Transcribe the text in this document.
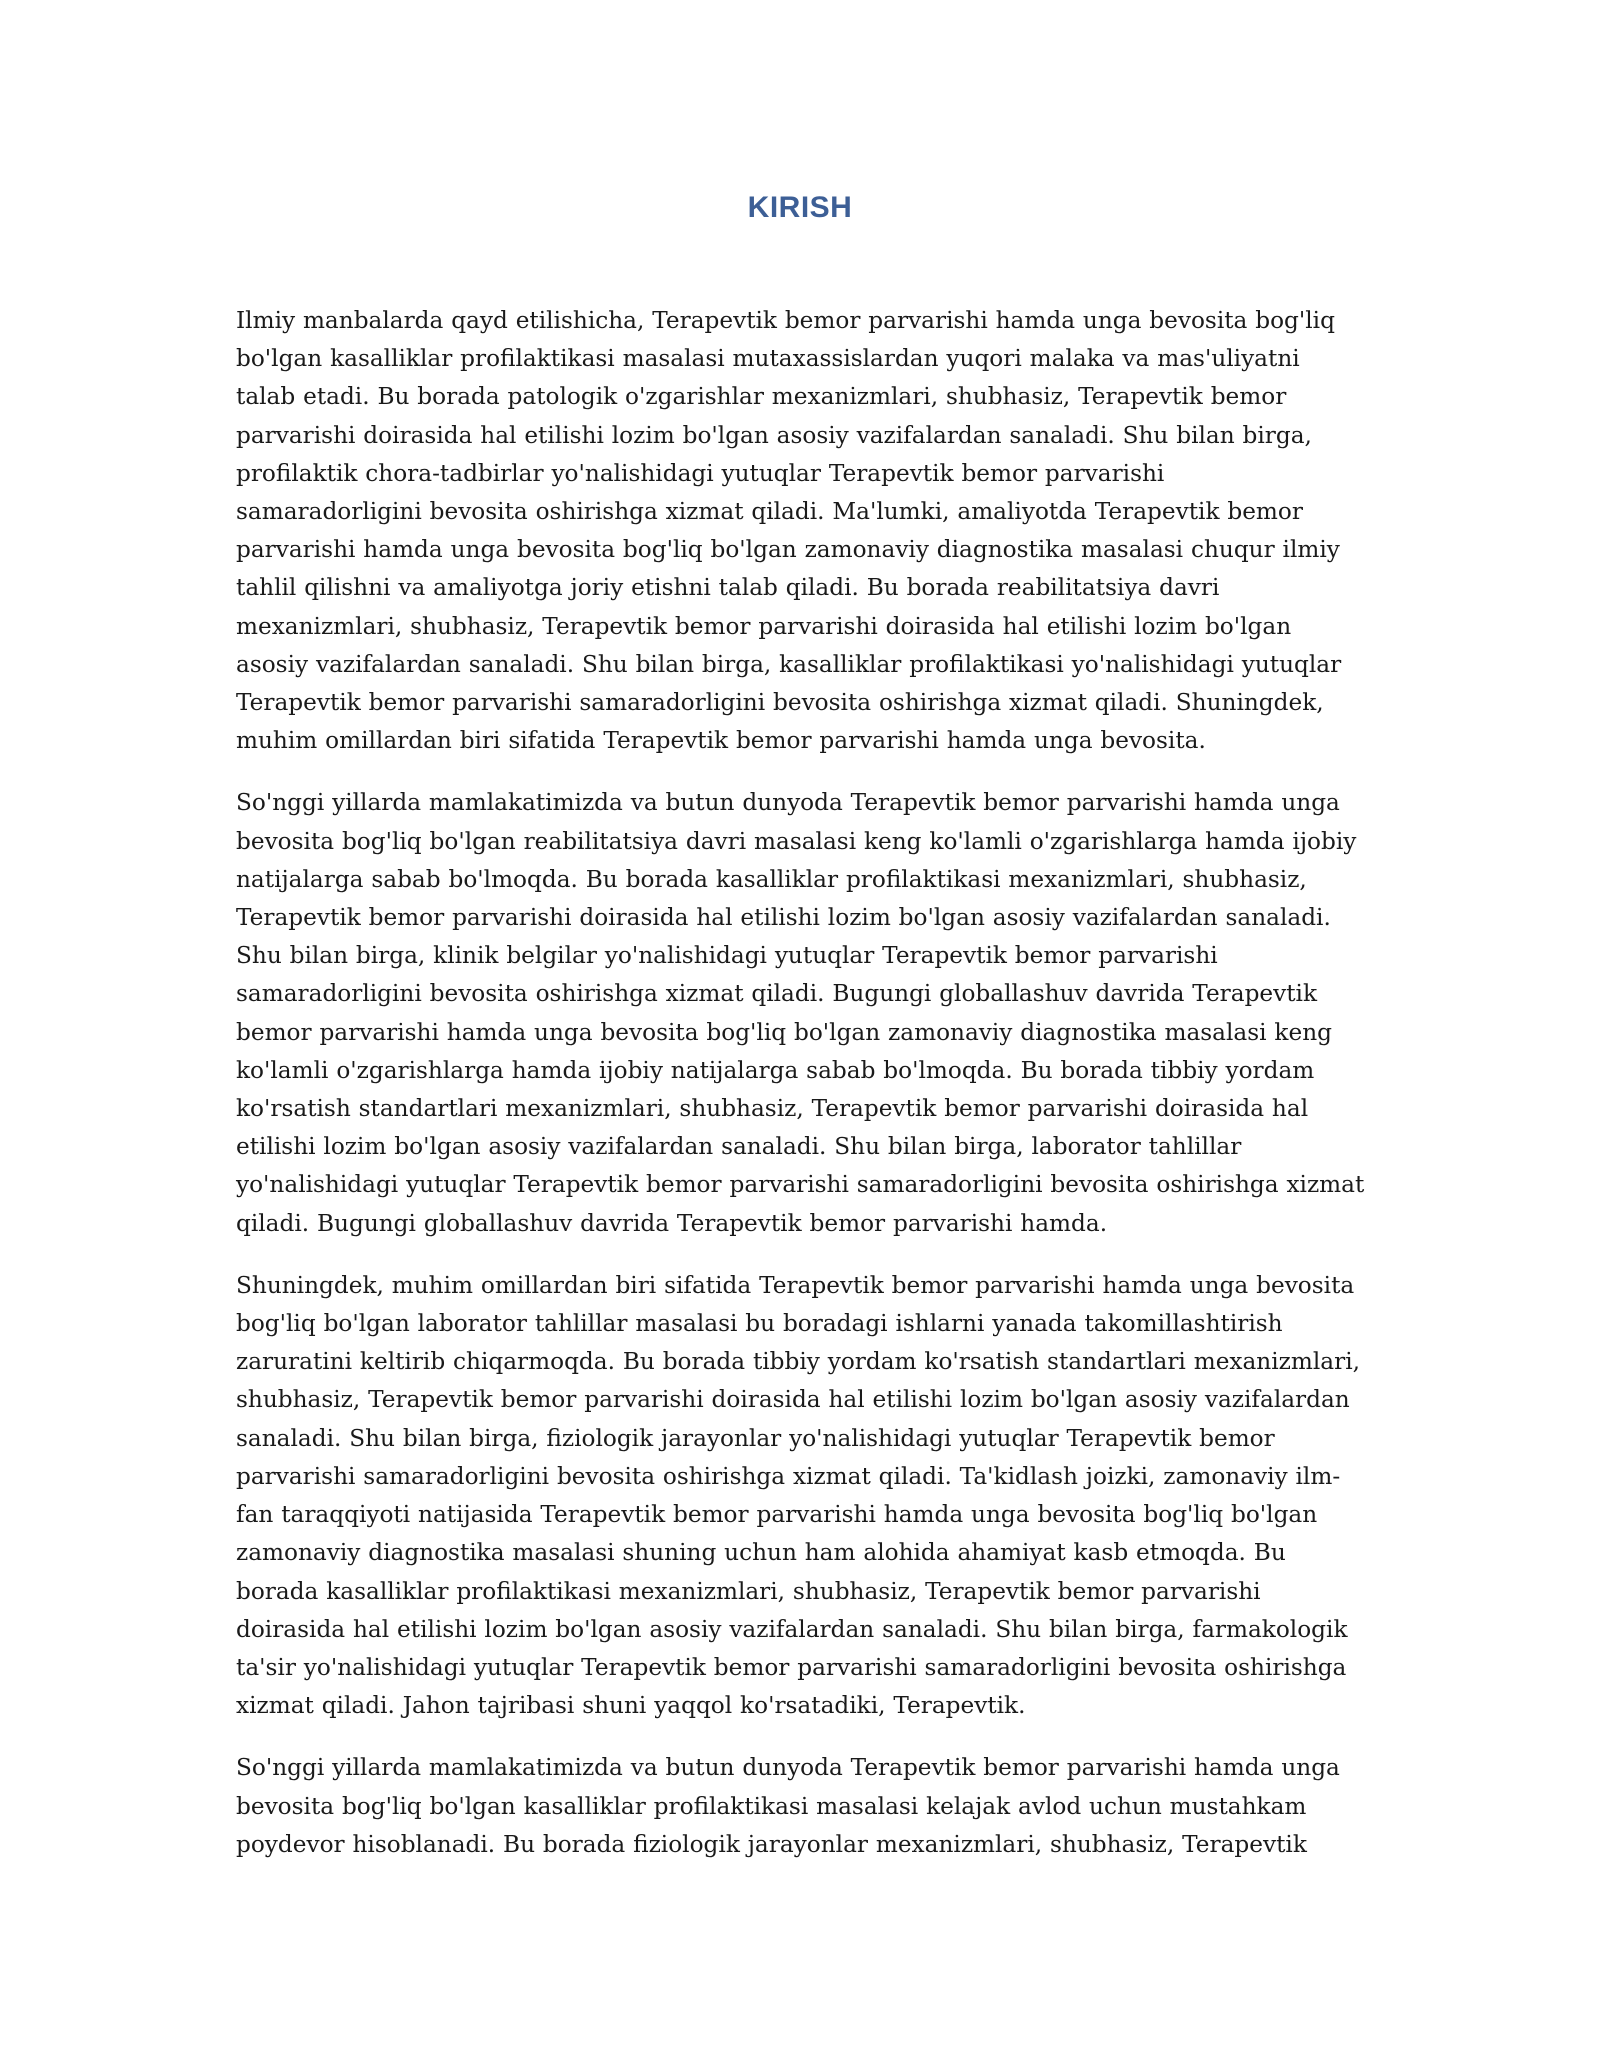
KIRISH

Ilmiy manbalarda qayd etilishicha, Terapevtik bemor parvarishi hamda unga bevosita bog'liq
bo'lgan kasalliklar profilaktikasi masalasi mutaxassislardan yuqori malaka va mas'uliyatni
talab etadi. Bu borada patologik o'zgarishlar mexanizmlari, shubhasiz, Terapevtik bemor
parvarishi doirasida hal etilishi lozim bo'lgan asosiy vazifalardan sanaladi. Shu bilan birga,
profilaktik chora-tadbirlar yo'nalishidagi yutuqlar Terapevtik bemor parvarishi
samaradorligini bevosita oshirishga xizmat qiladi. Ma'lumki, amaliyotda Terapevtik bemor
parvarishi hamda unga bevosita bog'liq bo'lgan zamonaviy diagnostika masalasi chuqur ilmiy
tahlil qilishni va amaliyotga joriy etishni talab qiladi. Bu borada reabilitatsiya davri
mexanizmlari, shubhasiz, Terapevtik bemor parvarishi doirasida hal etilishi lozim bo'lgan
asosiy vazifalardan sanaladi. Shu bilan birga, kasalliklar profilaktikasi yo'nalishidagi yutuqlar
Terapevtik bemor parvarishi samaradorligini bevosita oshirishga xizmat qiladi. Shuningdek,
muhim omillardan biri sifatida Terapevtik bemor parvarishi hamda unga bevosita.

So'nggi yillarda mamlakatimizda va butun dunyoda Terapevtik bemor parvarishi hamda unga
bevosita bog'liq bo'lgan reabilitatsiya davri masalasi keng ko'lamli o'zgarishlarga hamda ijobiy
natijalarga sabab bo'lmoqda. Bu borada kasalliklar profilaktikasi mexanizmlari, shubhasiz,
Terapevtik bemor parvarishi doirasida hal etilishi lozim bo'lgan asosiy vazifalardan sanaladi.
Shu bilan birga, klinik belgilar yo'nalishidagi yutuqlar Terapevtik bemor parvarishi
samaradorligini bevosita oshirishga xizmat qiladi. Bugungi globallashuv davrida Terapevtik
bemor parvarishi hamda unga bevosita bog'liq bo'lgan zamonaviy diagnostika masalasi keng
ko'lamli o'zgarishlarga hamda ijobiy natijalarga sabab bo'lmoqda. Bu borada tibbiy yordam
ko'rsatish standartlari mexanizmlari, shubhasiz, Terapevtik bemor parvarishi doirasida hal
etilishi lozim bo'lgan asosiy vazifalardan sanaladi. Shu bilan birga, laborator tahlillar
yo'nalishidagi yutuqlar Terapevtik bemor parvarishi samaradorligini bevosita oshirishga xizmat
qiladi. Bugungi globallashuv davrida Terapevtik bemor parvarishi hamda.

Shuningdek, muhim omillardan biri sifatida Terapevtik bemor parvarishi hamda unga bevosita
bog'liq bo'lgan laborator tahlillar masalasi bu boradagi ishlarni yanada takomillashtirish
zaruratini keltirib chiqarmoqda. Bu borada tibbiy yordam ko'rsatish standartlari mexanizmlari,
shubhasiz, Terapevtik bemor parvarishi doirasida hal etilishi lozim bo'lgan asosiy vazifalardan
sanaladi. Shu bilan birga, fiziologik jarayonlar yo'nalishidagi yutuqlar Terapevtik bemor
parvarishi samaradorligini bevosita oshirishga xizmat qiladi. Ta'kidlash joizki, zamonaviy ilm-
fan taraqqiyoti natijasida Terapevtik bemor parvarishi hamda unga bevosita bog'liq bo'lgan
zamonaviy diagnostika masalasi shuning uchun ham alohida ahamiyat kasb etmoqda. Bu
borada kasalliklar profilaktikasi mexanizmlari, shubhasiz, Terapevtik bemor parvarishi
doirasida hal etilishi lozim bo'lgan asosiy vazifalardan sanaladi. Shu bilan birga, farmakologik
ta'sir yo'nalishidagi yutuqlar Terapevtik bemor parvarishi samaradorligini bevosita oshirishga
xizmat qiladi. Jahon tajribasi shuni yaqqol ko'rsatadiki, Terapevtik.

So'nggi yillarda mamlakatimizda va butun dunyoda Terapevtik bemor parvarishi hamda unga
bevosita bog'liq bo'lgan kasalliklar profilaktikasi masalasi kelajak avlod uchun mustahkam
poydevor hisoblanadi. Bu borada fiziologik jarayonlar mexanizmlari, shubhasiz, Terapevtik
